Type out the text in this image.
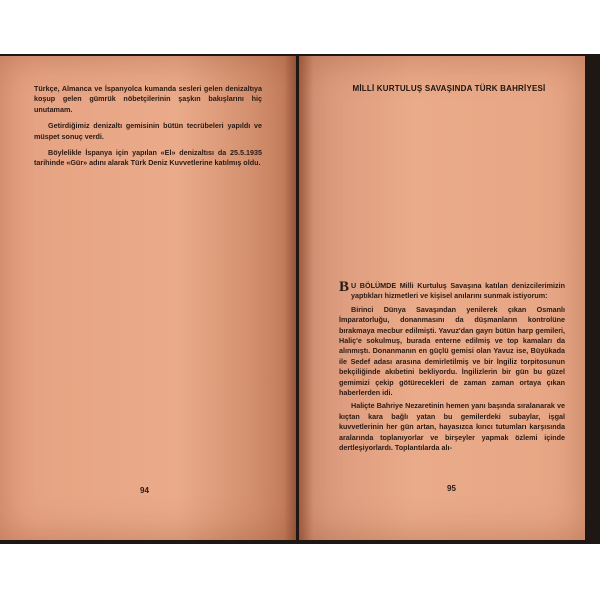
Türkçe, Almanca ve İspanyolca kumanda sesleri gelen denizaltıya koşup gelen gümrük nöbetçilerinin şaşkın bakışlarını hiç unutamam.

Getirdiğimiz denizaltı gemisinin bütün tecrübeleri yapıldı ve müspet sonuç verdi.

Böylelikle İspanya için yapılan «El» denizaltısı da 25.5.1935 tarihinde «Gür» adını alarak Türk Deniz Kuvvetlerine katılmış oldu.

94
MİLLİ KURTULUŞ SAVAŞINDA TÜRK BAHRİYESİ

B U BÖLÜMDE Milli Kurtuluş Savaşına katılan denizcilerimizin yaptıkları hizmetleri ve kişisel anılarını sunmak istiyorum:

Birinci Dünya Savaşından yenilerek çıkan Osmanlı İmparatorluğu, donanmasını da düşmanların kontrolüne bırakmaya mecbur edilmişti. Yavuz'dan gayrı bütün harp gemileri, Haliç'e sokulmuş, burada enterne edilmiş ve top kamaları da alınmıştı. Donanmanın en güçlü gemisi olan Yavuz ise, Büyükada ile Sedef adası arasına demirletilmiş ve bir İngiliz torpitosunun bekçiliğinde akıbetini bekliyordu. İngilizlerin bir gün bu güzel gemimizi çekip götürecekleri de zaman zaman ortaya çıkan haberlerden idi.

Haliçte Bahriye Nezaretinin hemen yanı başında sıralanarak ve kıçtan kara bağlı yatan bu gemilerdeki subaylar, işgal kuvvetlerinin her gün artan, hayasızca kırıcı tutumları karşısında aralarında toplanıyorlar ve birşeyler yapmak özlemi içinde dertleşiyorlardı. Toplantılarda alı-

95
